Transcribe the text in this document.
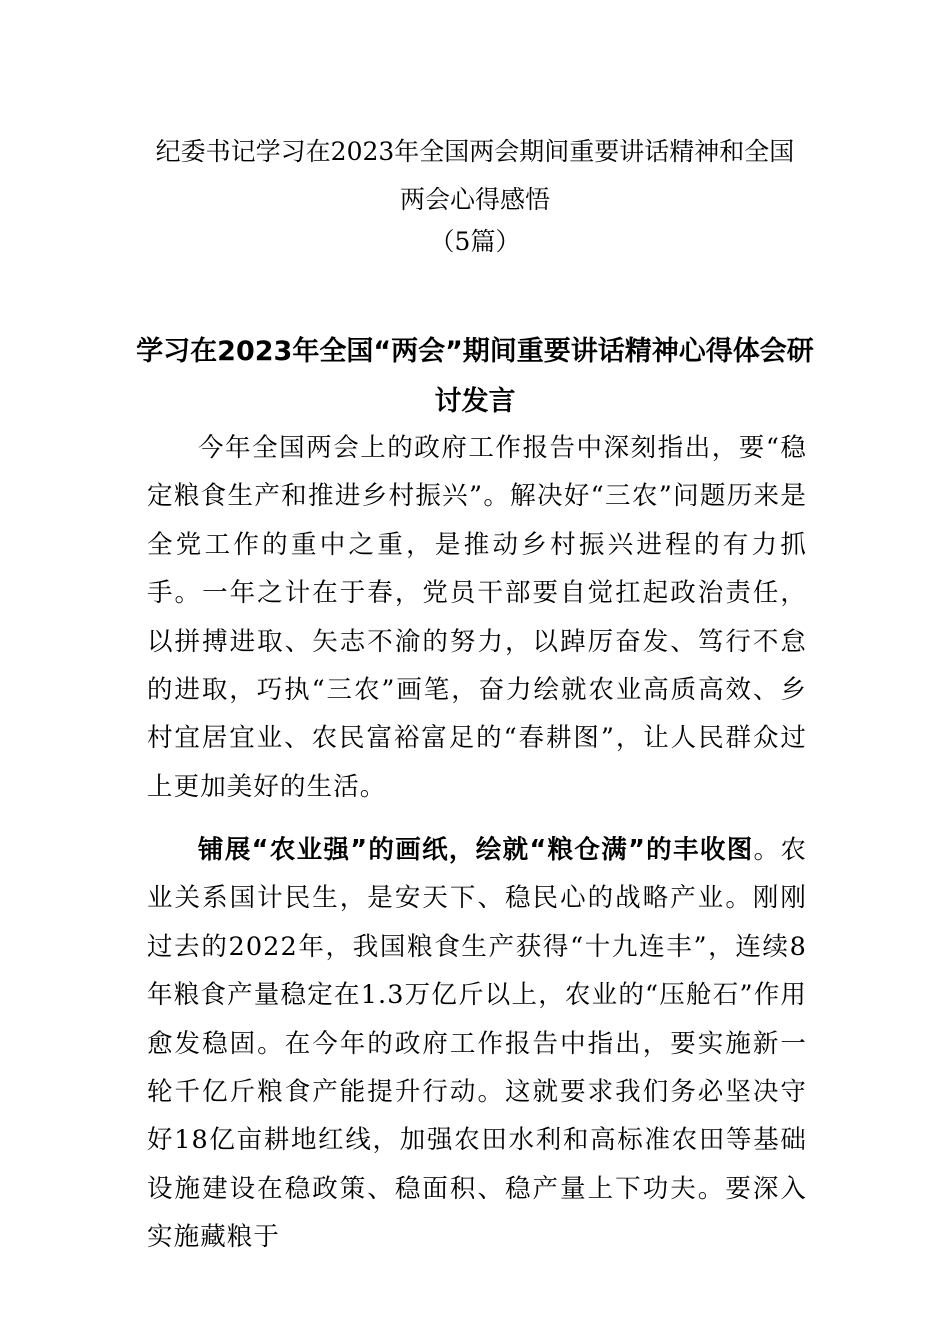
纪委书记学习在2023年全国两会期间重要讲话精神和全国
两会心得感悟
（5篇）
学习在2023年全国“两会”期间重要讲话精神心得体会研
讨发言

今年全国两会上的政府工作报告中深刻指出，要“稳定粮食生产和推进乡村振兴”。解决好“三农”问题历来是全党工作的重中之重，是推动乡村振兴进程的有力抓手。一年之计在于春，党员干部要自觉扛起政治责任，以拼搏进取、矢志不渝的努力，以踔厉奋发、笃行不怠的进取，巧执“三农”画笔，奋力绘就农业高质高效、乡村宜居宜业、农民富裕富足的“春耕图”，让人民群众过上更加美好的生活。

铺展“农业强”的画纸，绘就“粮仓满”的丰收图。农业关系国计民生，是安天下、稳民心的战略产业。刚刚过去的2022年，我国粮食生产获得“十九连丰”，连续8年粮食产量稳定在1.3万亿斤以上，农业的“压舱石”作用愈发稳固。在今年的政府工作报告中指出，要实施新一轮千亿斤粮食产能提升行动。这就要求我们务必坚决守好18亿亩耕地红线，加强农田水利和高标准农田等基础设施建设在稳政策、稳面积、稳产量上下功夫。要深入实施藏粮于
